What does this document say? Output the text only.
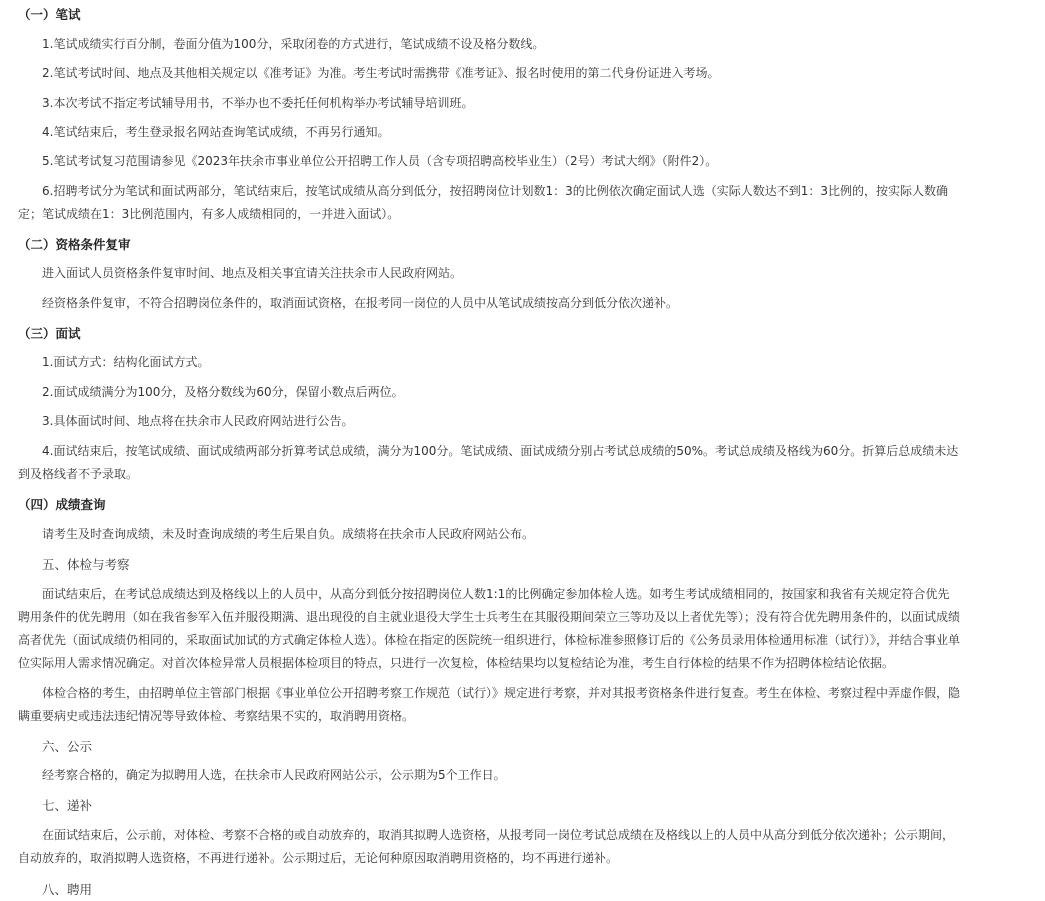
（一）笔试
1.笔试成绩实行百分制，卷面分值为100分，采取闭卷的方式进行，笔试成绩不设及格分数线。
2.笔试考试时间、地点及其他相关规定以《准考证》为准。考生考试时需携带《准考证》、报名时使用的第二代身份证进入考场。
3.本次考试不指定考试辅导用书，不举办也不委托任何机构举办考试辅导培训班。
4.笔试结束后，考生登录报名网站查询笔试成绩，不再另行通知。
5.笔试考试复习范围请参见《2023年扶余市事业单位公开招聘工作人员（含专项招聘高校毕业生）（2号）考试大纲》（附件2）。
6.招聘考试分为笔试和面试两部分，笔试结束后，按笔试成绩从高分到低分，按招聘岗位计划数1：3的比例依次确定面试人选（实际人数达不到1：3比例的，按实际人数确定；笔试成绩在1：3比例范围内，有多人成绩相同的，一并进入面试）。
（二）资格条件复审
进入面试人员资格条件复审时间、地点及相关事宜请关注扶余市人民政府网站。
经资格条件复审，不符合招聘岗位条件的，取消面试资格，在报考同一岗位的人员中从笔试成绩按高分到低分依次递补。
（三）面试
1.面试方式：结构化面试方式。
2.面试成绩满分为100分，及格分数线为60分，保留小数点后两位。
3.具体面试时间、地点将在扶余市人民政府网站进行公告。
4.面试结束后，按笔试成绩、面试成绩两部分折算考试总成绩，满分为100分。笔试成绩、面试成绩分别占考试总成绩的50%。考试总成绩及格线为60分。折算后总成绩未达到及格线者不予录取。
（四）成绩查询
请考生及时查询成绩，未及时查询成绩的考生后果自负。成绩将在扶余市人民政府网站公布。
五、体检与考察
面试结束后，在考试总成绩达到及格线以上的人员中，从高分到低分按招聘岗位人数1:1的比例确定参加体检人选。如考生考试成绩相同的，按国家和我省有关规定符合优先聘用条件的优先聘用（如在我省参军入伍并服役期满、退出现役的自主就业退役大学生士兵考生在其服役期间荣立三等功及以上者优先等）；没有符合优先聘用条件的，以面试成绩高者优先（面试成绩仍相同的，采取面试加试的方式确定体检人选）。体检在指定的医院统一组织进行，体检标准参照修订后的《公务员录用体检通用标准（试行）》，并结合事业单位实际用人需求情况确定。对首次体检异常人员根据体检项目的特点，只进行一次复检，体检结果均以复检结论为准，考生自行体检的结果不作为招聘体检结论依据。
体检合格的考生，由招聘单位主管部门根据《事业单位公开招聘考察工作规范（试行）》规定进行考察，并对其报考资格条件进行复查。考生在体检、考察过程中弄虚作假，隐瞒重要病史或违法违纪情况等导致体检、考察结果不实的，取消聘用资格。
六、公示
经考察合格的，确定为拟聘用人选，在扶余市人民政府网站公示，公示期为5个工作日。
七、递补
在面试结束后，公示前，对体检、考察不合格的或自动放弃的，取消其拟聘人选资格，从报考同一岗位考试总成绩在及格线以上的人员中从高分到低分依次递补；公示期间，自动放弃的，取消拟聘人选资格，不再进行递补。公示期过后，无论何种原因取消聘用资格的，均不再进行递补。
八、聘用
